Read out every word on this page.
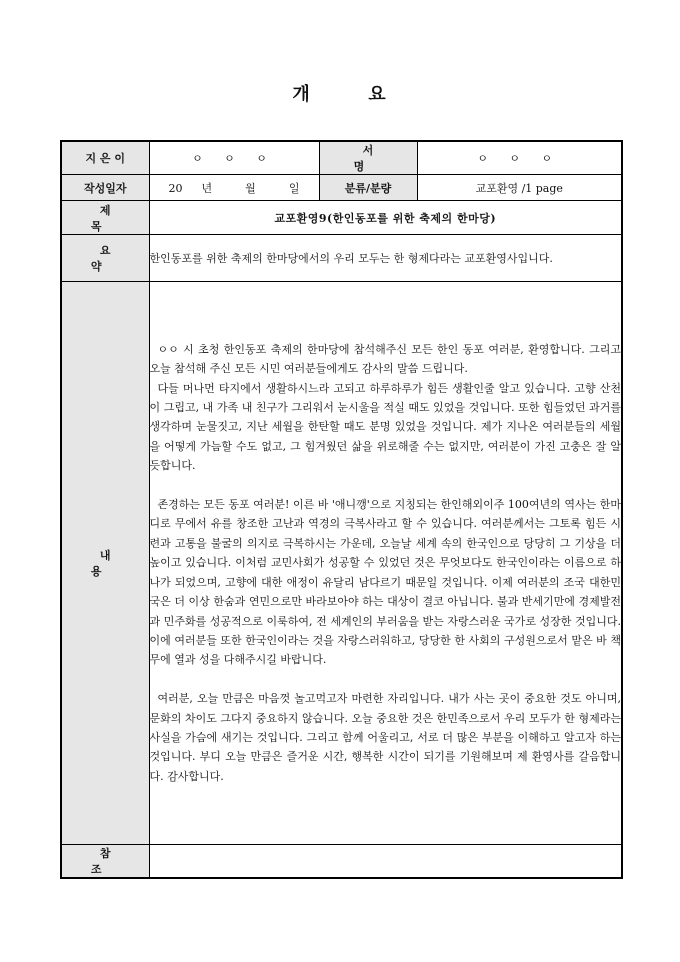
개	요
지 은 이	ㅇ ㅇ ㅇ	서 명	ㅇ ㅇ ㅇ
작성일자	20 년 월 일	분류/분량	교포환영 /1 page
제 목	교포환영9(한인동포를 위한 축제의 한마당)		
요 약	한인동포를 위한 축제의 한마당에서의 우리 모두는 한 형제다라는 교포환영사입니다.		
내 용	ㅇㅇ 시 초청 한인동포 축제의 한마당에 참석해주신 모든 한인 동포 여러분, 환영합니다. 그리고 오늘 참석해 주신 모든 시민 여러분들에게도 감사의 말씀 드립니다.

다들 머나먼 타지에서 생활하시느라 고되고 하루하루가 힘든 생활인줄 알고 있습니다. 고향 산천이 그립고, 내 가족 내 친구가 그리워서 눈시울을 적실 때도 있었을 것입니다. 또한 힘들었던 과거를 생각하며 눈물짓고, 지난 세월을 한탄할 때도 분명 있었을 것입니다. 제가 지나온 여러분들의 세월을 어떻게 가늠할 수도 없고, 그 힘겨웠던 삶을 위로해줄 수는 없지만, 여러분이 가진 고충은 잘 알듯합니다.

존경하는 모든 동포 여러분! 이른 바 '애니깽'으로 지칭되는 한인해외이주 100여년의 역사는 한마디로 무에서 유를 창조한 고난과 역경의 극복사라고 할 수 있습니다. 여러분께서는 그토록 힘든 시련과 고통을 불굴의 의지로 극복하시는 가운데, 오늘날 세계 속의 한국인으로 당당히 그 기상을 더 높이고 있습니다. 이처럼 교민사회가 성공할 수 있었던 것은 무엇보다도 한국인이라는 이름으로 하나가 되었으며, 고향에 대한 애정이 유달리 남다르기 때문일 것입니다. 이제 여러분의 조국 대한민국은 더 이상 한숨과 연민으로만 바라보아야 하는 대상이 결코 아닙니다. 불과 반세기만에 경제발전과 민주화를 성공적으로 이룩하여, 전 세계인의 부러움을 받는 자랑스러운 국가로 성장한 것입니다. 이에 여러분들 또한 한국인이라는 것을 자랑스러워하고, 당당한 한 사회의 구성원으로서 맡은 바 책무에 열과 성을 다해주시길 바랍니다.

여러분, 오늘 만큼은 마음껏 놀고먹고자 마련한 자리입니다. 내가 사는 곳이 중요한 것도 아니며, 문화의 차이도 그다지 중요하지 않습니다. 오늘 중요한 것은 한민족으로서 우리 모두가 한 형제라는 사실을 가슴에 새기는 것입니다. 그리고 함께 어울리고, 서로 더 많은 부분을 이해하고 알고자 하는 것입니다. 부디 오늘 만큼은 즐거운 시간, 행복한 시간이 되기를 기원해보며 제 환영사를 갈음합니다. 감사합니다.		

참 조			
